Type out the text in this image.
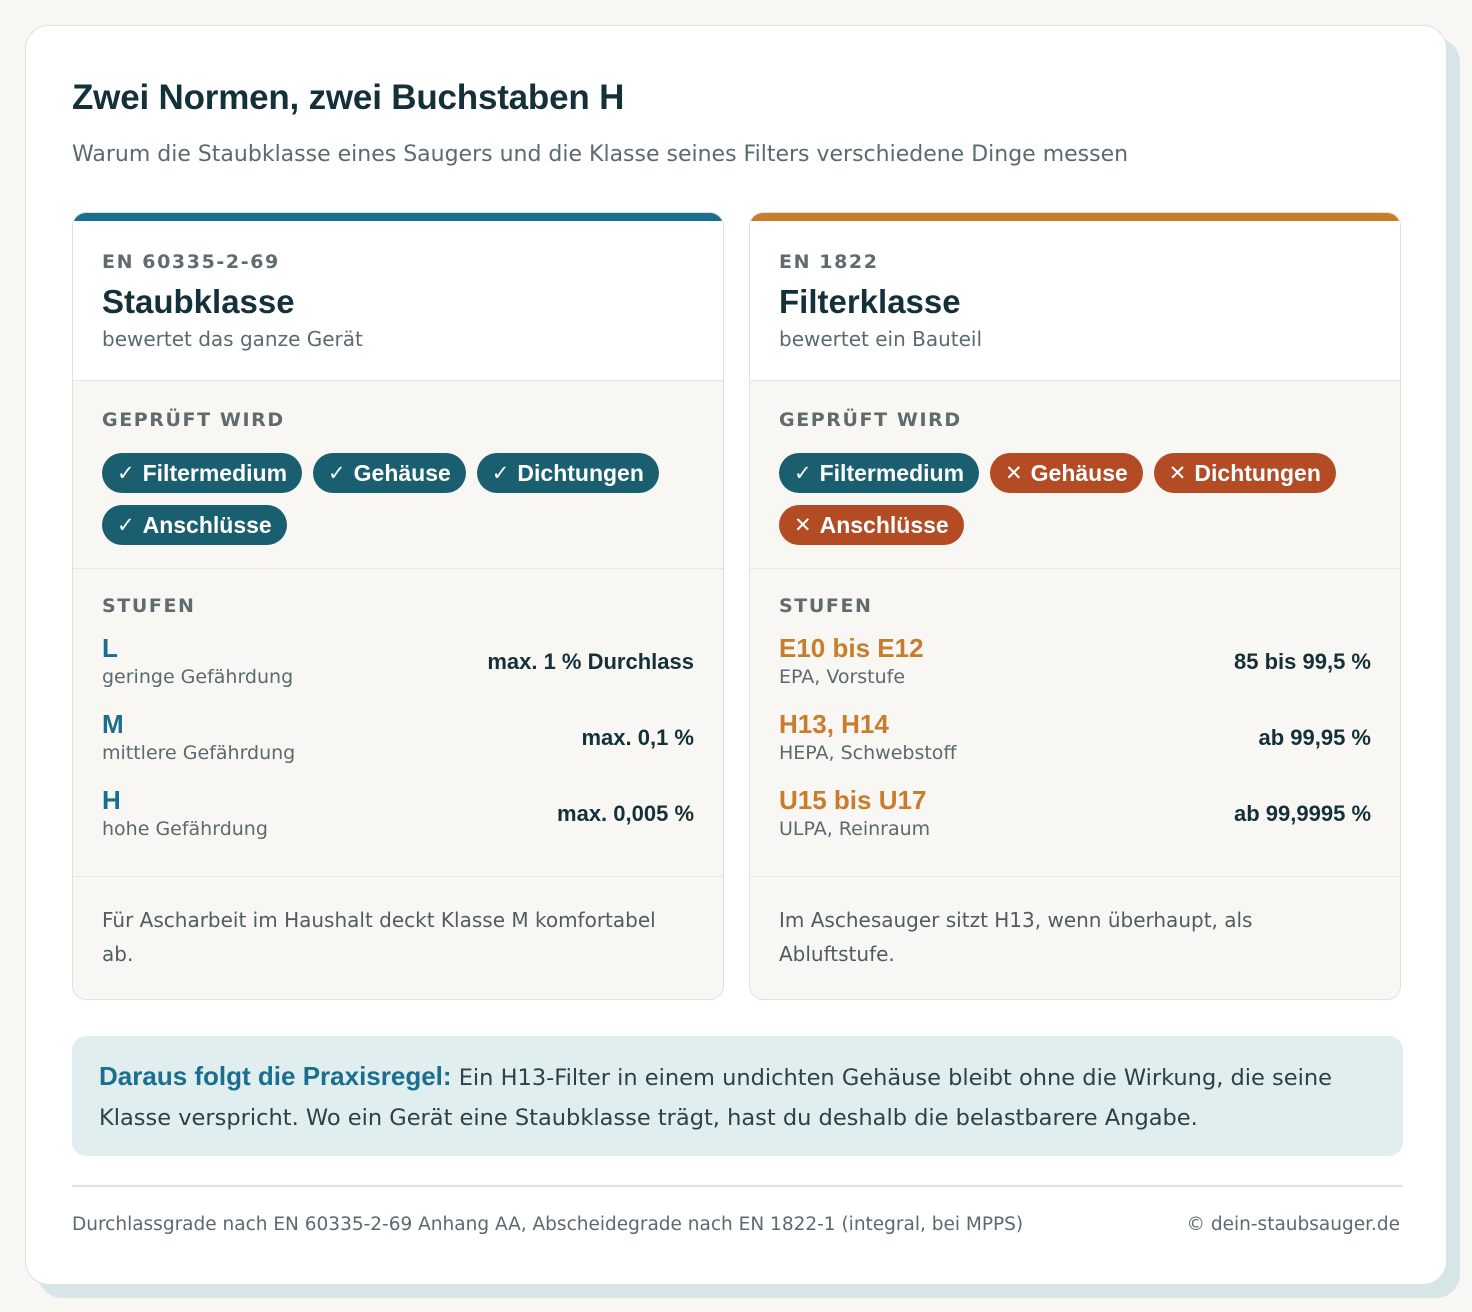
Zwei Normen, zwei Buchstaben H

Warum die Staubklasse eines Saugers und die Klasse seines Filters verschiedene Dinge messen

EN 60335-2-69
Staubklasse
bewertet das ganze Gerät
GEPRÜFT WIRD
✓ Filtermedium ✓ Gehäuse ✓ Dichtungen
✓ Anschlüsse
STUFEN
L
geringe Gefährdung
max. 1 % Durchlass
M
mittlere Gefährdung
max. 0,1 %
H
hohe Gefährdung
max. 0,005 %

Für Ascharbeit im Haushalt deckt Klasse M komfortabel ab.

EN 1822
Filterklasse
bewertet ein Bauteil
GEPRÜFT WIRD
✓ Filtermedium ✕ Gehäuse ✕ Dichtungen
✕ Anschlüsse
STUFEN
E10 bis E12
EPA, Vorstufe
85 bis 99,5 %
H13, H14
HEPA, Schwebstoff
ab 99,95 %
U15 bis U17
ULPA, Reinraum
ab 99,9995 %

Im Aschesauger sitzt H13, wenn überhaupt, als Abluftstufe.

Daraus folgt die Praxisregel: Ein H13-Filter in einem undichten Gehäuse bleibt ohne die Wirkung, die seine Klasse verspricht. Wo ein Gerät eine Staubklasse trägt, hast du deshalb die belastbarere Angabe.
Durchlassgrade nach EN 60335-2-69 Anhang AA, Abscheidegrade nach EN 1822-1 (integral, bei MPPS)	© dein-staubsauger.de
